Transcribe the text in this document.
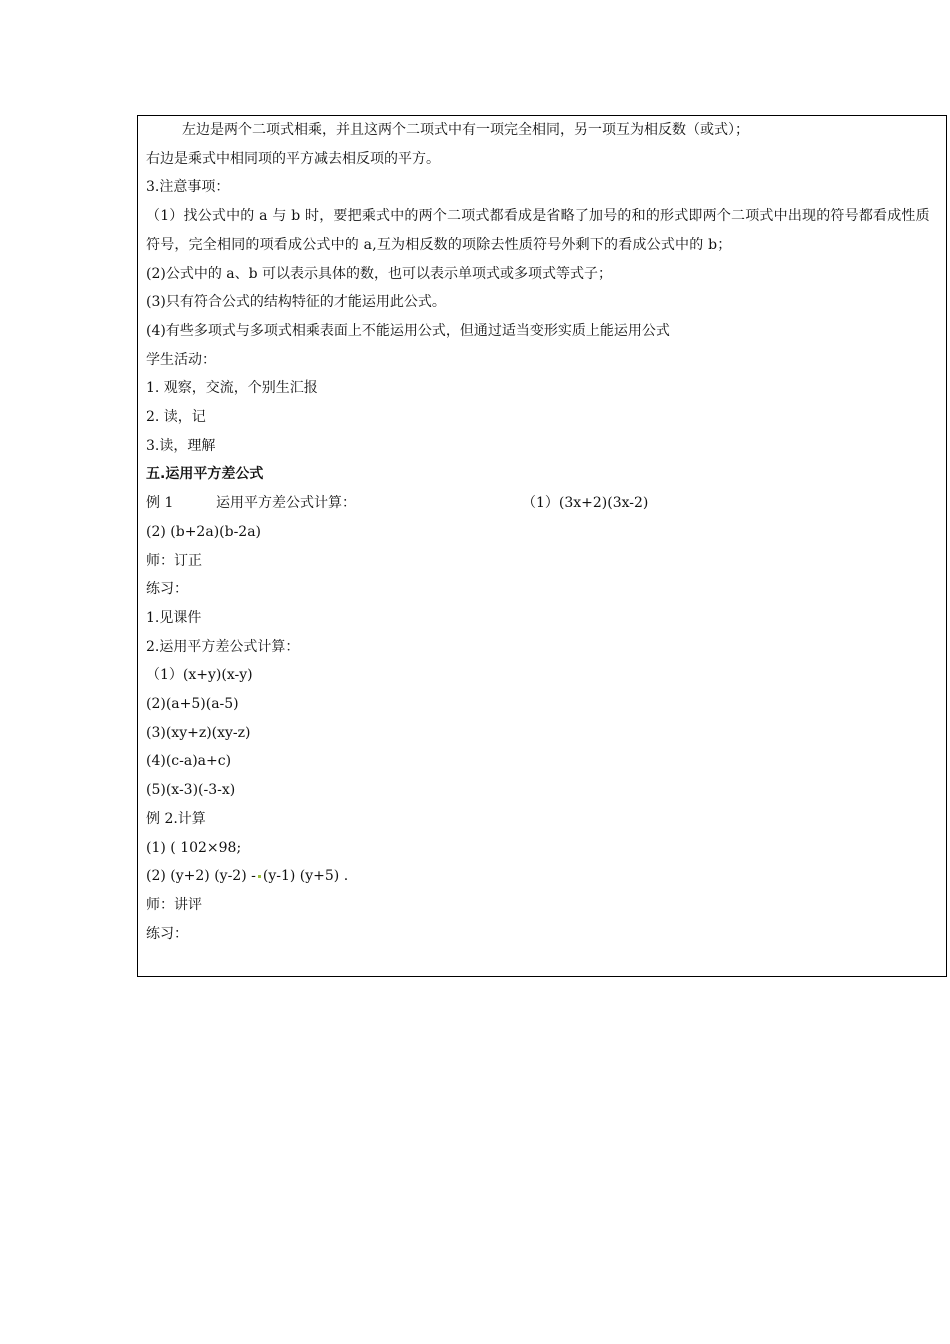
左边是两个二项式相乘，并且这两个二项式中有一项完全相同，另一项互为相反数（或式）；
右边是乘式中相同项的平方减去相反项的平方。
3.注意事项：
（1）找公式中的 a 与 b 时，要把乘式中的两个二项式都看成是省略了加号的和的形式即两个二项式中出现的符号都看成性质符号，完全相同的项看成公式中的 a,互为相反数的项除去性质符号外剩下的看成公式中的 b；
(2)公式中的 a、b 可以表示具体的数，也可以表示单项式或多项式等式子；
(3)只有符合公式的结构特征的才能运用此公式。
(4)有些多项式与多项式相乘表面上不能运用公式，但通过适当变形实质上能运用公式
学生活动：
1. 观察，交流，个别生汇报
2. 读，记
3.读，理解
五.运用平方差公式
例 1	运用平方差公式计算：	（1）(3x+2)(3x-2)
(2) (b+2a)(b-2a)
师：订正
练习：
1.见课件
2.运用平方差公式计算：
（1）(x+y)(x-y)
(2)(a+5)(a-5)
(3)(xy+z)(xy-z)
(4)(c-a)a+c)
(5)(x-3)(-3-x)
例 2.计算
(1) ( 102×98;
(2) (y+2) (y-2) - (y-1) (y+5) .
师：讲评
练习：
